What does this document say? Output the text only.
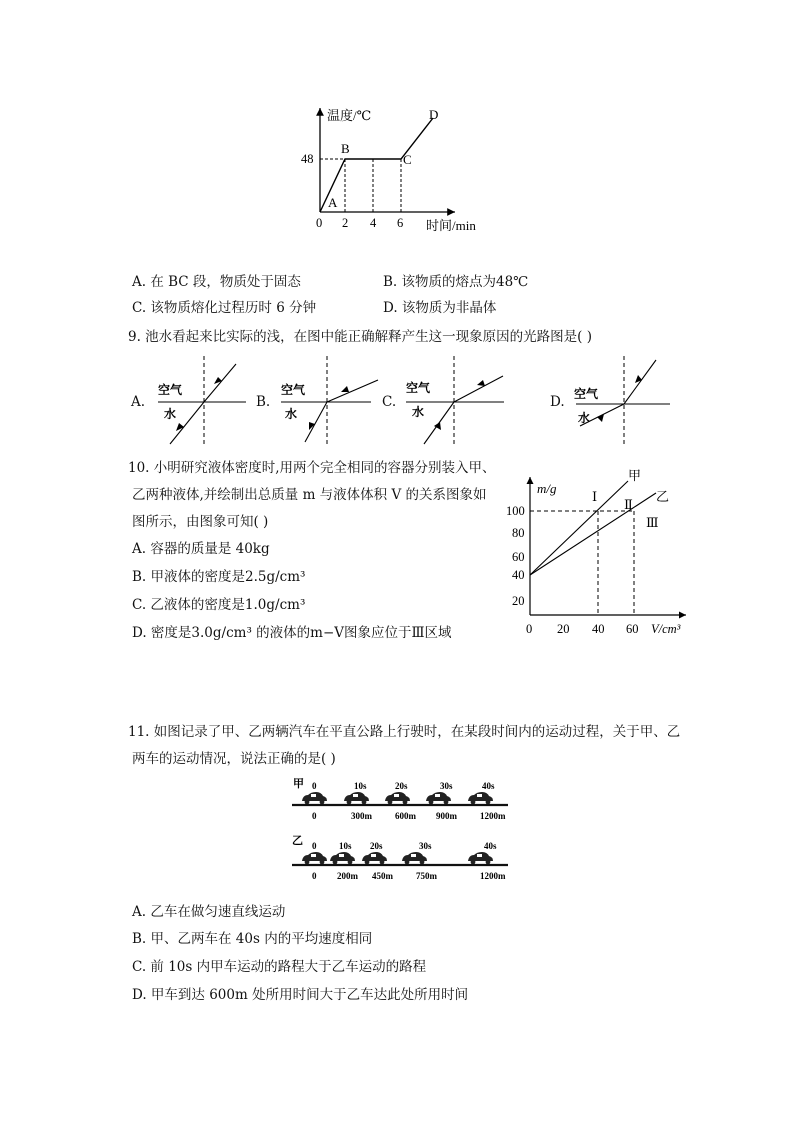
温度/℃
时间/min
48
0 2 4 6
A
B
C
D
A. 在 BC 段，物质处于固态	B. 该物质的熔点为48℃
C. 该物质熔化过程历时 6 分钟	D. 该物质为非晶体
9. 池水看起来比实际的浅，在图中能正确解释产生这一现象原因的光路图是( )
A.
空气
水
B.
空气
水
C.
空气
水
D. 空气
水
10. 小明研究液体密度时,用两个完全相同的容器分别装入甲、
乙两种液体,并绘制出总质量 m 与液体体积 V 的关系图象如
图所示，由图象可知( )
A. 容器的质量是 40kg
B. 甲液体的密度是2.5g/cm³
C. 乙液体的密度是1.0g/cm³
D. 密度是3.0g/cm³ 的液体的m−V图象应位于Ⅲ区域
m/g
V/cm³
100
80
60
40
20
0 20 40 60
甲
乙
Ⅰ
Ⅱ
Ⅲ
11. 如图记录了甲、乙两辆汽车在平直公路上行驶时，在某段时间内的运动过程，关于甲、乙
两车的运动情况，说法正确的是( )
甲 0	10s	20s	30s	40s
0	300m	600m 900m	1200m
乙 0	10s 20s	30s	40s
0 200m 450m	750m	1200m
A. 乙车在做匀速直线运动
B. 甲、乙两车在 40s 内的平均速度相同
C. 前 10s 内甲车运动的路程大于乙车运动的路程
D. 甲车到达 600m 处所用时间大于乙车达此处所用时间
